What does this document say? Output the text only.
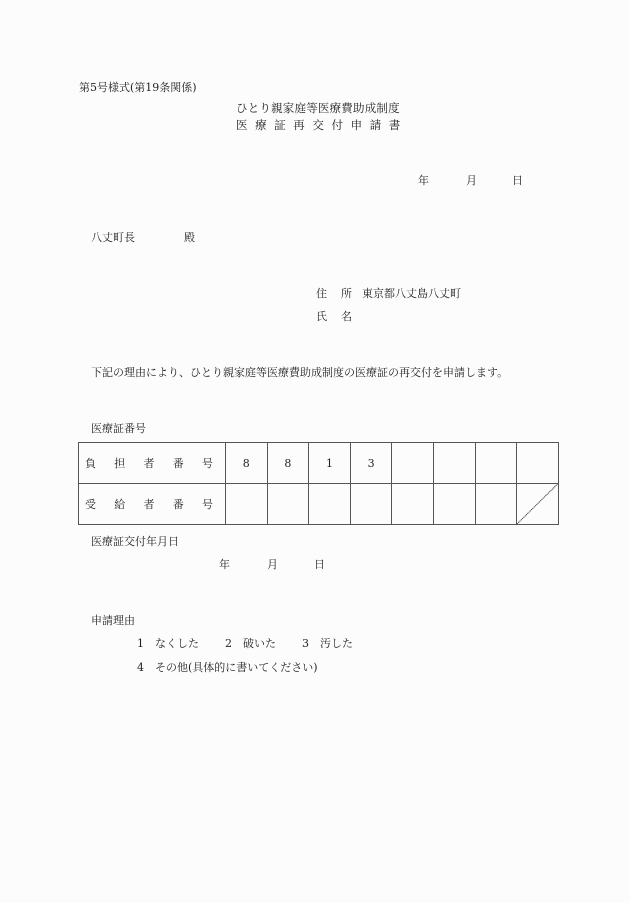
第5号様式(第19条関係)
ひとり親家庭等医療費助成制度
医療証再交付申請書
年	月	日
八丈町長	殿
住 所 東京都八丈島八丈町
氏 名
下記の理由により、ひとり親家庭等医療費助成制度の医療証の再交付を申請します。
医療証番号
負 担 者 番 号	8	8	1	3				

受 給 者 番 号

医療証交付年月日
年	月	日
申請理由
1 なくした 2 破いた 3 汚した
4 その他(具体的に書いてください)
